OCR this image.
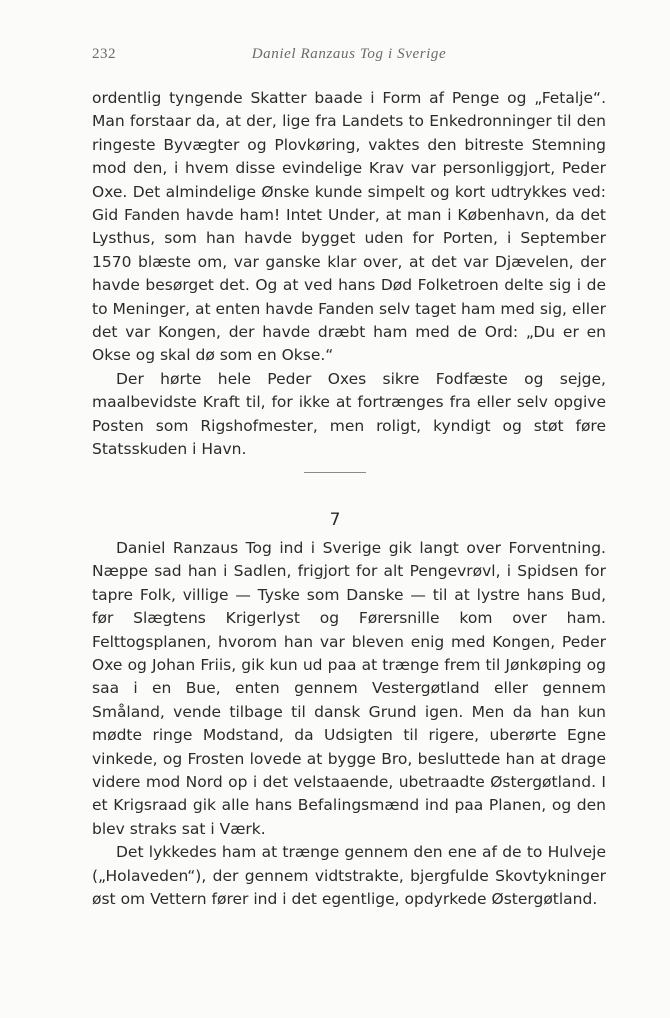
232	Daniel Ranzaus Tog i Sverige

ordentlig tyngende Skatter baade i Form af Penge og „Fetalje“. Man forstaar da, at der, lige fra Landets to Enkedronninger til den ringeste Byvægter og Plovkøring, vaktes den bitreste Stemning mod den, i hvem disse evindelige Krav var personliggjort, Peder Oxe. Det almindelige Ønske kunde simpelt og kort udtrykkes ved: Gid Fanden havde ham! Intet Under, at man i København, da det Lysthus, som han havde bygget uden for Porten, i September 1570 blæste om, var ganske klar over, at det var Djævelen, der havde besørget det. Og at ved hans Død Folketroen delte sig i de to Meninger, at enten havde Fanden selv taget ham med sig, eller det var Kongen, der havde dræbt ham med de Ord: „Du er en Okse og skal dø som en Okse.“

Der hørte hele Peder Oxes sikre Fodfæste og sejge, maalbevidste Kraft til, for ikke at fortrænges fra eller selv opgive Posten som Rigshofmester, men roligt, kyndigt og støt føre Statsskuden i Havn.

7

Daniel Ranzaus Tog ind i Sverige gik langt over Forventning. Næppe sad han i Sadlen, frigjort for alt Pengevrøvl, i Spidsen for tapre Folk, villige — Tyske som Danske — til at lystre hans Bud, før Slægtens Krigerlyst og Førersnille kom over ham. Felttogsplanen, hvorom han var bleven enig med Kongen, Peder Oxe og Johan Friis, gik kun ud paa at trænge frem til Jønkøping og saa i en Bue, enten gennem Vestergøtland eller gennem Småland, vende tilbage til dansk Grund igen. Men da han kun mødte ringe Modstand, da Udsigten til rigere, uberørte Egne vinkede, og Frosten lovede at bygge Bro, besluttede han at drage videre mod Nord op i det velstaaende, ubetraadte Østergøtland. I et Krigsraad gik alle hans Befalingsmænd ind paa Planen, og den blev straks sat i Værk.

Det lykkedes ham at trænge gennem den ene af de to Hulveje („Holaveden“), der gennem vidtstrakte, bjergfulde Skovtykninger øst om Vettern fører ind i det egentlige, opdyrkede Østergøtland.
